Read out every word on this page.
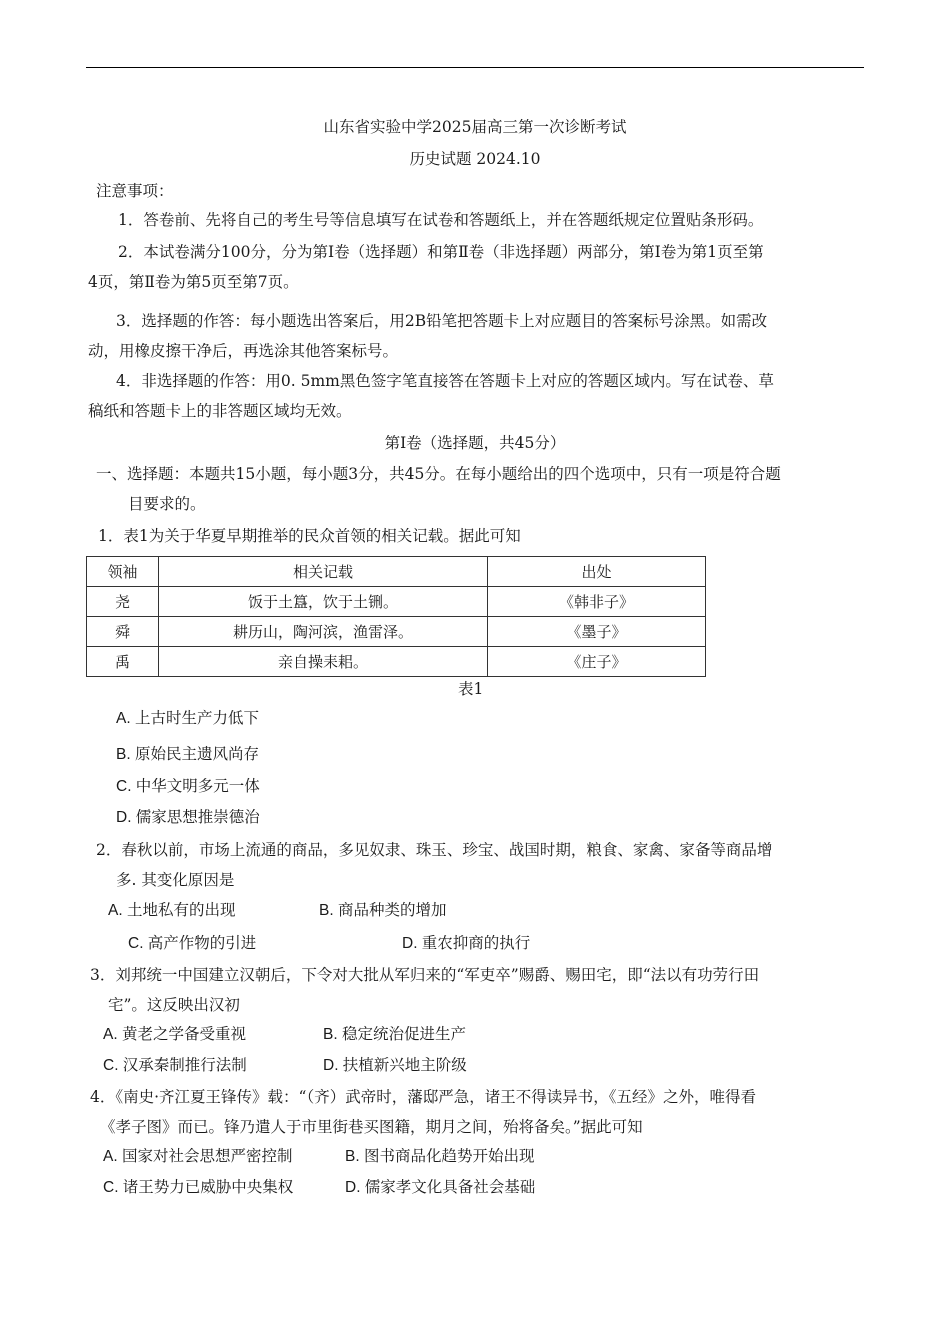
山东省实验中学2025届高三第一次诊断考试
历史试题 2024.10
注意事项：
1．答卷前、先将自己的考生号等信息填写在试卷和答题纸上，并在答题纸规定位置贴条形码。
2．本试卷满分100分，分为第Ⅰ卷（选择题）和第Ⅱ卷（非选择题）两部分，第Ⅰ卷为第1页至第
4页，第Ⅱ卷为第5页至第7页。
3．选择题的作答：每小题选出答案后，用2B铅笔把答题卡上对应题目的答案标号涂黑。如需改
动，用橡皮擦干净后，再选涂其他答案标号。
4．非选择题的作答：用0. 5mm黑色签字笔直接答在答题卡上对应的答题区域内。写在试卷、草
稿纸和答题卡上的非答题区域均无效。
第Ⅰ卷（选择题，共45分）
一、选择题：本题共15小题，每小题3分，共45分。在每小题给出的四个选项中，只有一项是符合题
目要求的。
1．表1为关于华夏早期推举的民众首领的相关记载。据此可知
领袖	相关记载	出处
尧	饭于土簋，饮于土铏。	《韩非子》
舜	耕历山，陶河滨，渔雷泽。	《墨子》
禹	亲自操耒耜。	《庄子》
表1
A. 上古时生产力低下
B. 原始民主遗风尚存
C. 中华文明多元一体
D. 儒家思想推崇德治
2．春秋以前，市场上流通的商品，多见奴隶、珠玉、珍宝、战国时期，粮食、家禽、家备等商品增
多. 其变化原因是
A. 土地私有的出现	B. 商品种类的增加
C. 高产作物的引进	D. 重农抑商的执行
3．刘邦统一中国建立汉朝后，下令对大批从军归来的“军吏卒”赐爵、赐田宅，即“法以有功劳行田
宅”。这反映出汉初
A. 黄老之学备受重视	B. 稳定统治促进生产
C. 汉承秦制推行法制	D. 扶植新兴地主阶级
4．《南史·齐江夏王锋传》载：“（齐）武帝时，藩邸严急，诸王不得读异书，《五经》之外，唯得看
《孝子图》而已。锋乃遣人于市里街巷买图籍，期月之间，殆将备矣。”据此可知
A. 国家对社会思想严密控制	B. 图书商品化趋势开始出现
C. 诸王势力已威胁中央集权	D. 儒家孝文化具备社会基础
